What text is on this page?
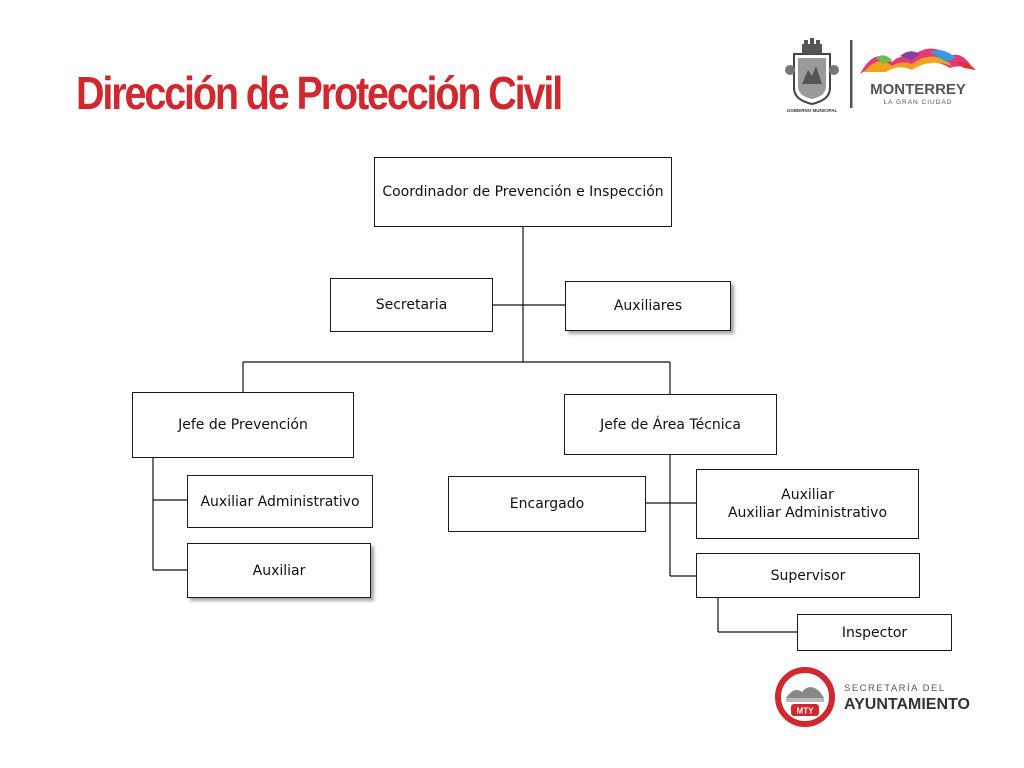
Dirección de Protección Civil	GOBIERNO MUNICIPAL
MONTERREY
LA GRAN CIUDAD
Coordinador de Prevención e Inspección
Secretaria	Auxiliares
Jefe de Prevención
Auxiliar Administrativo
Auxiliar
Jefe de Área Técnica
Encargado
Auxiliar
Auxiliar Administrativo
Supervisor
Inspector
MTY
SECRETARÍA DEL
AYUNTAMIENTO
